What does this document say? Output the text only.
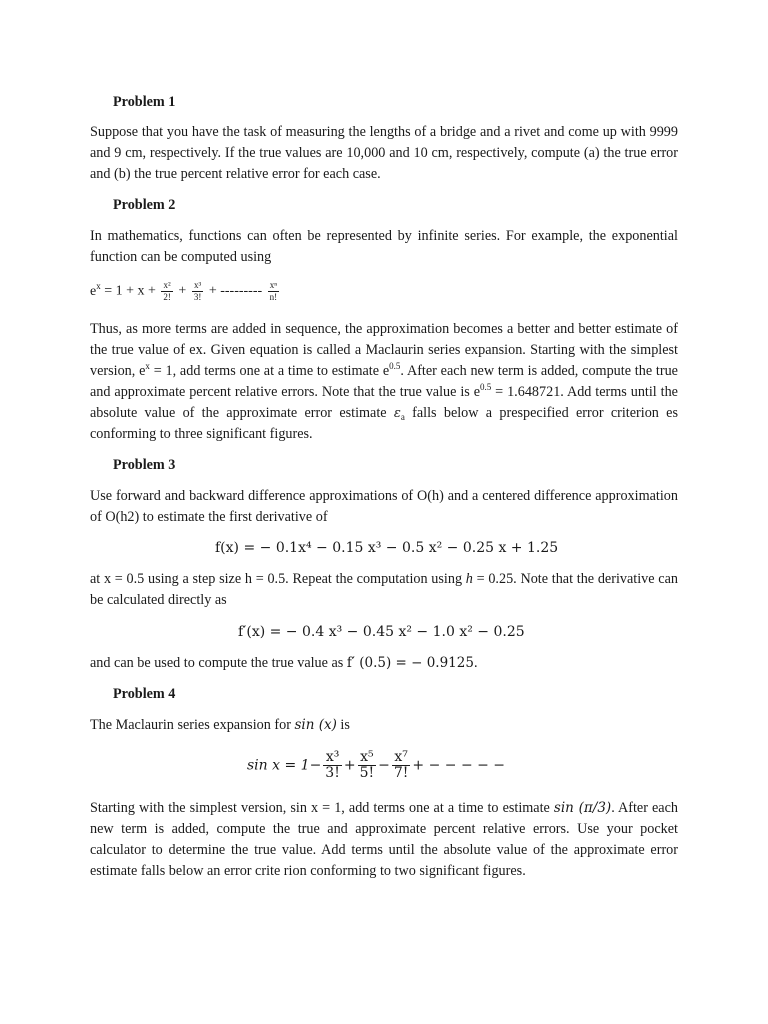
Problem 1
Suppose that you have the task of measuring the lengths of a bridge and a rivet and come up with 9999 and 9 cm, respectively. If the true values are 10,000 and 10 cm, respectively, compute (a) the true error and (b) the true percent relative error for each case.
Problem 2
In mathematics, functions can often be represented by infinite series. For example, the exponential function can be computed using
$e^x = 1 + x + \frac{\text{x²}}{2!} + \frac{\text{x³}}{3!}$ + --------- $\frac{\text{xⁿ}}{n!}$
Thus, as more terms are added in sequence, the approximation becomes a better and better estimate of the true value of ex. Given equation is called a Maclaurin series expansion. Starting with the simplest version, $e^x = 1$, add terms one at a time to estimate $e^{0.5}$. After each new term is added, compute the true and approximate percent relative errors. Note that the true value is $e^{0.5} = 1.648721$. Add terms until the absolute value of the approximate error estimate $\varepsilon_a$ falls below a prespecified error criterion es conforming to three significant figures.
Problem 3
Use forward and backward difference approximations of O(h) and a centered difference approximation of O(h2) to estimate the first derivative of
f(x) = − 0.1x⁴ − 0.15 x³ − 0.5 x² − 0.25 x + 1.25
at x = 0.5 using a step size h = 0.5. Repeat the computation using h = 0.25. Note that the derivative can be calculated directly as
f′(x) = − 0.4 x³ − 0.45 x² − 1.0 x² − 0.25
and can be used to compute the true value as f′ (0.5) = − 0.9125.
Problem 4
The Maclaurin series expansion for sin (x) is
$\sin x = 1- \frac{\text{x³}}{3!} + \frac{\text{x⁵}}{5!} - \frac{\text{x⁷}}{7!}$ + − − − − −
Starting with the simplest version, sin x = 1, add terms one at a time to estimate sin (π/3). After each new term is added, compute the true and approximate percent relative errors. Use your pocket calculator to determine the true value. Add terms until the absolute value of the approximate error estimate falls below an error crite rion conforming to two significant figures.
